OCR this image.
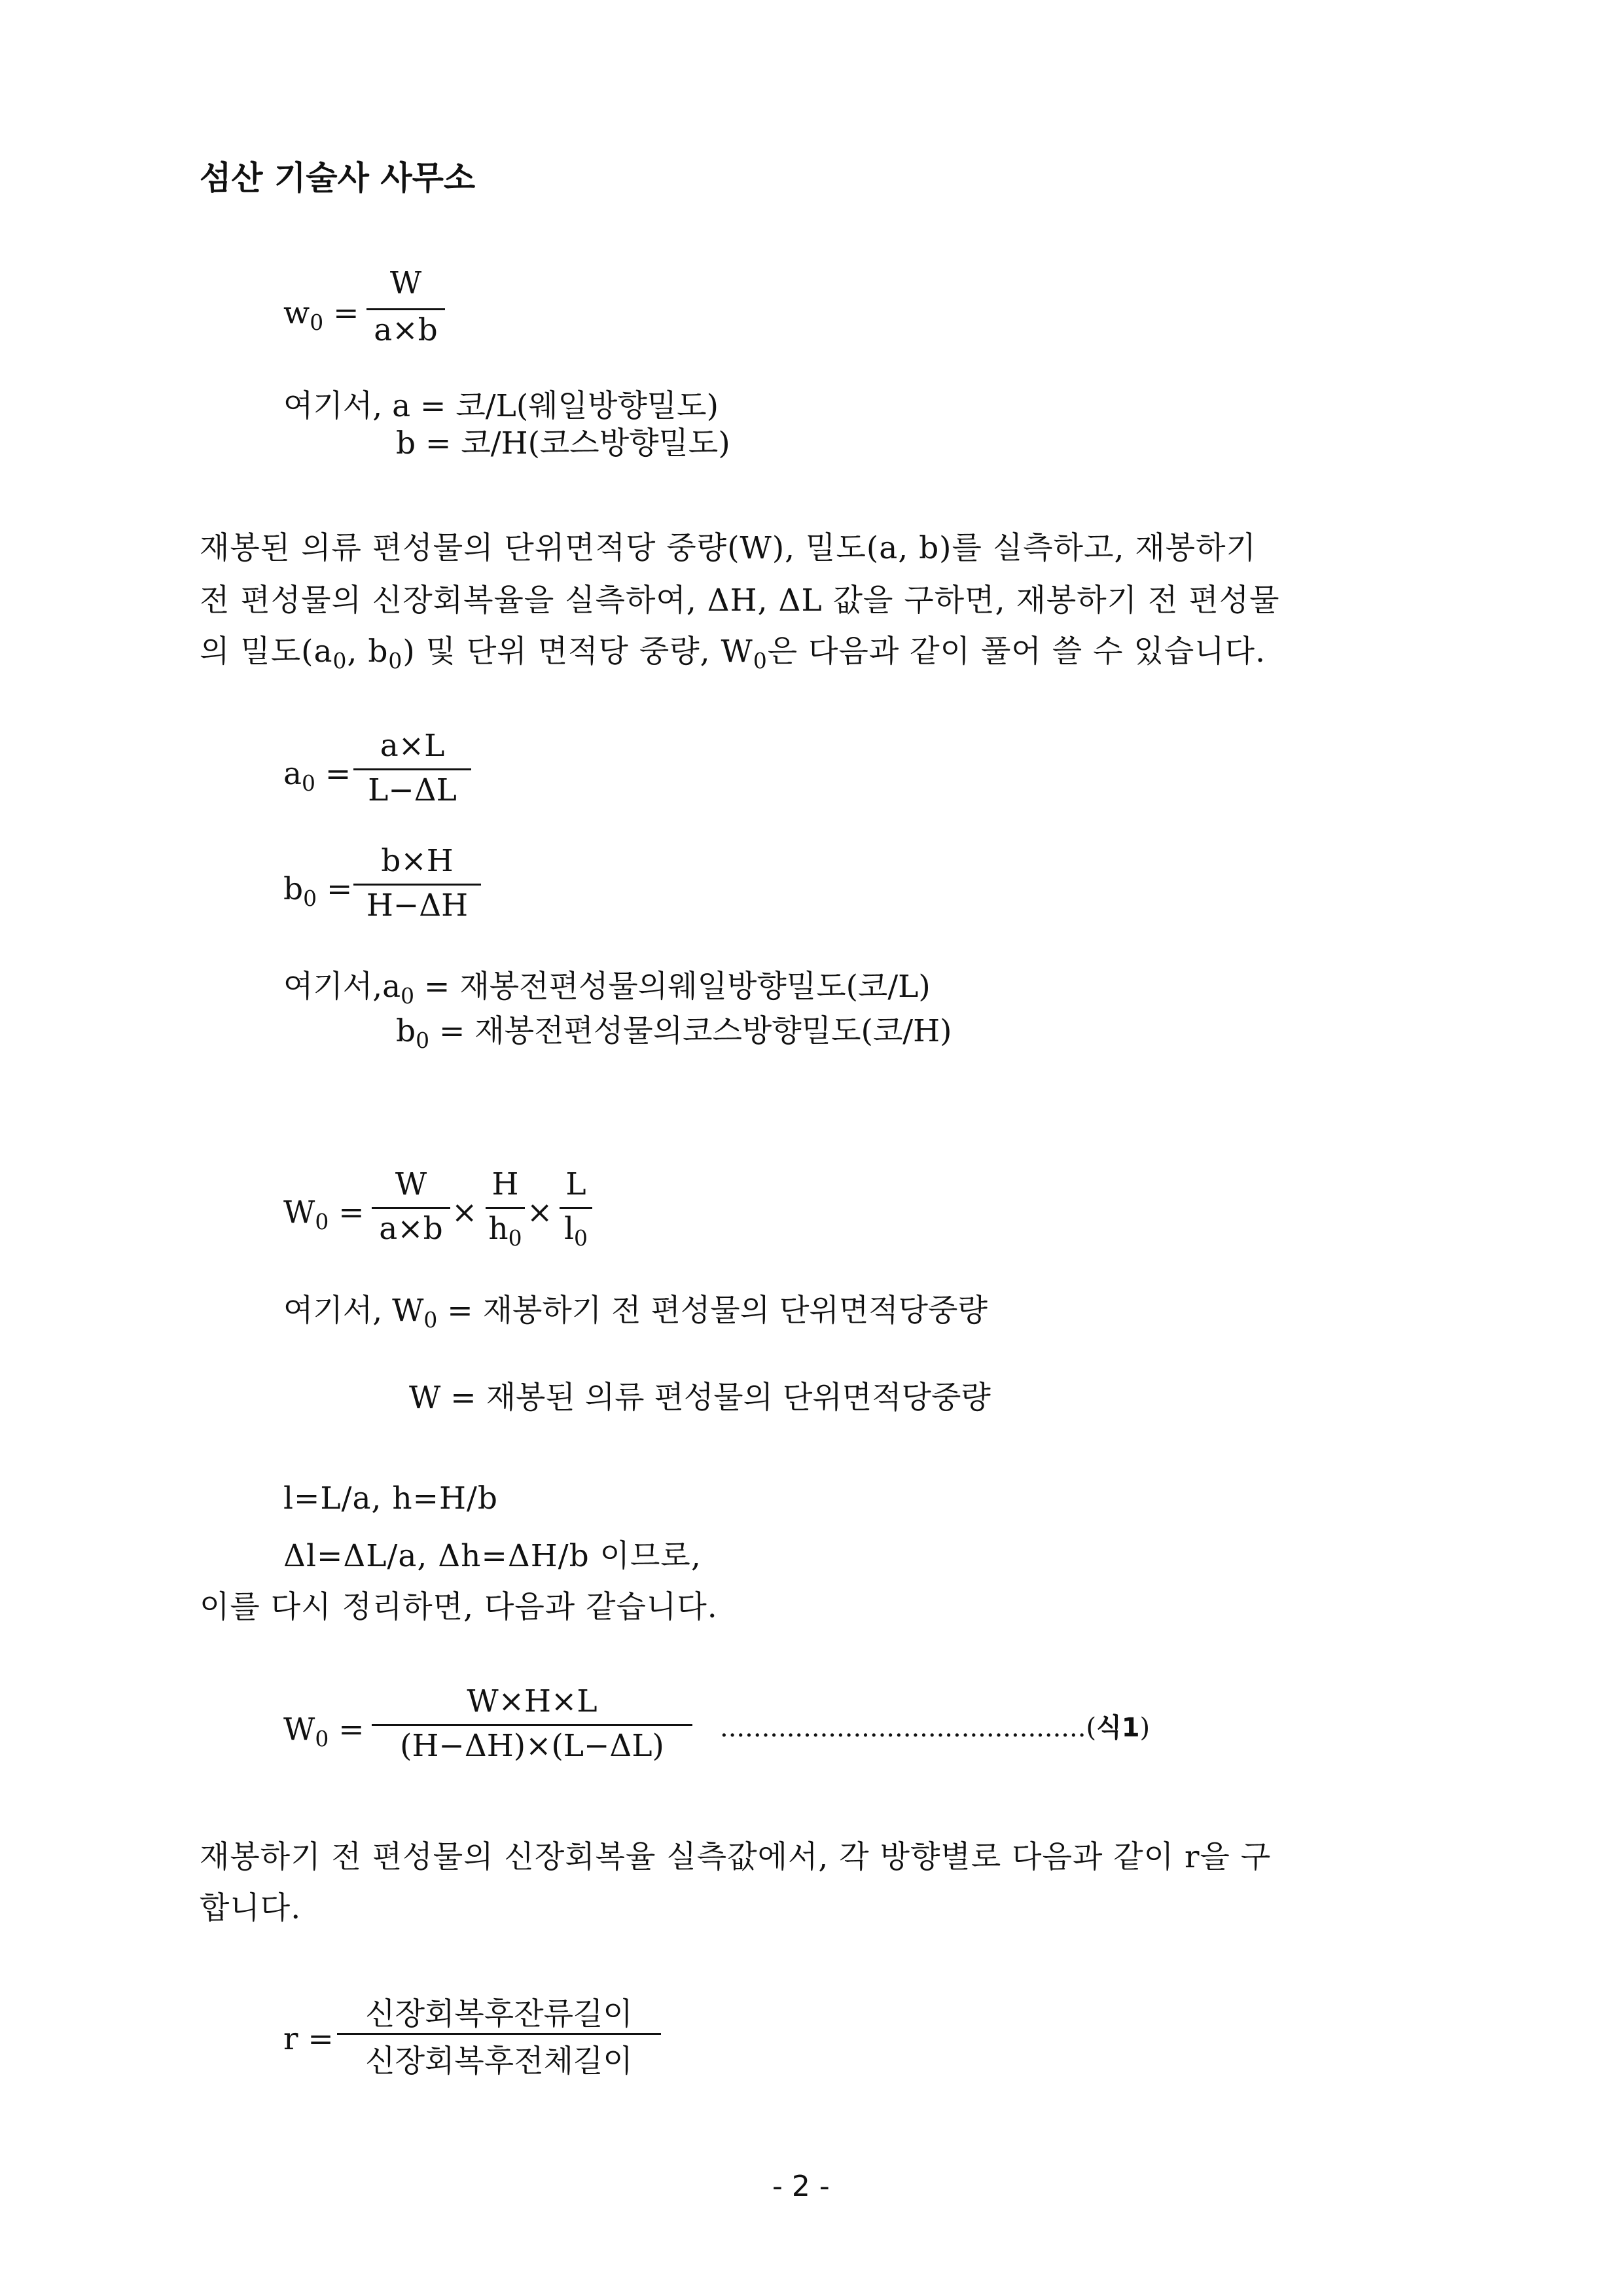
섬산 기술사 사무소
$w_0$ =
W
a×b
여기서, a = 코/L(웨일방향밀도)
b = 코/H(코스방향밀도)
재봉된 의류 편성물의 단위면적당 중량(W), 밀도(a, b)를 실측하고, 재봉하기
전 편성물의 신장회복율을 실측하여, ΔH, ΔL 값을 구하면, 재봉하기 전 편성물
의 밀도($a_0$, $b_0$) 및 단위 면적당 중량, $W_0$은 다음과 같이 풀어 쓸 수 있습니다.
$a_0$ =
a×L
L−ΔL
$b_0$ =
b×H
H−ΔH
여기서$,a_0$ = 재봉전편성물의웨일방향밀도(코/L)
$b_0$ = 재봉전편성물의코스방향밀도(코/H)
$W_0$ =
W
a×b ×
H
$h_0$
×
L
$l_0$
여기서, $W_0$ = 재봉하기 전 편성물의 단위면적당중량
W = 재봉된 의류 편성물의 단위면적당중량
l=L/a, h=H/b
Δl=ΔL/a, Δh=ΔH/b 이므로,
이를 다시 정리하면, 다음과 같습니다.
$W_0$ =
W×H×L
(H−ΔH)×(L−ΔL)	............................................(식1)
재봉하기 전 편성물의 신장회복율 실측값에서, 각 방향별로 다음과 같이 r을 구
합니다.
r =
신장회복후잔류길이
신장회복후전체길이
- 2 -
